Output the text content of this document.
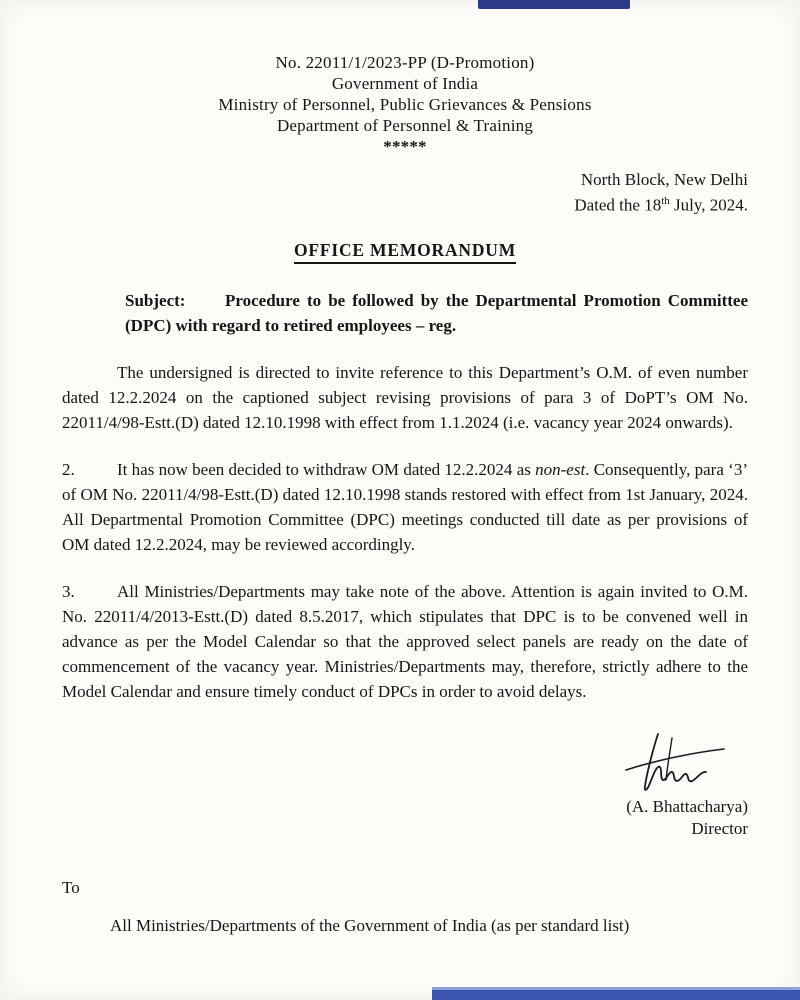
No. 22011/1/2023-PP (D-Promotion)
Government of India
Ministry of Personnel, Public Grievances & Pensions
Department of Personnel & Training
*****
North Block, New Delhi
Dated the 18th July, 2024.
OFFICE MEMORANDUM
Subject: Procedure to be followed by the Departmental Promotion Committee (DPC) with regard to retired employees – reg.

The undersigned is directed to invite reference to this Department’s O.M. of even number dated 12.2.2024 on the captioned subject revising provisions of para 3 of DoPT’s OM No. 22011/4/98-Estt.(D) dated 12.10.1998 with effect from 1.1.2024 (i.e. vacancy year 2024 onwards).

2. It has now been decided to withdraw OM dated 12.2.2024 as non-est. Consequently, para ‘3’ of OM No. 22011/4/98-Estt.(D) dated 12.10.1998 stands restored with effect from 1st January, 2024. All Departmental Promotion Committee (DPC) meetings conducted till date as per provisions of OM dated 12.2.2024, may be reviewed accordingly.

3. All Ministries/Departments may take note of the above. Attention is again invited to O.M. No. 22011/4/2013-Estt.(D) dated 8.5.2017, which stipulates that DPC is to be convened well in advance as per the Model Calendar so that the approved select panels are ready on the date of commencement of the vacancy year. Ministries/Departments may, therefore, strictly adhere to the Model Calendar and ensure timely conduct of DPCs in order to avoid delays.

(A. Bhattacharya)
Director
To
All Ministries/Departments of the Government of India (as per standard list)
